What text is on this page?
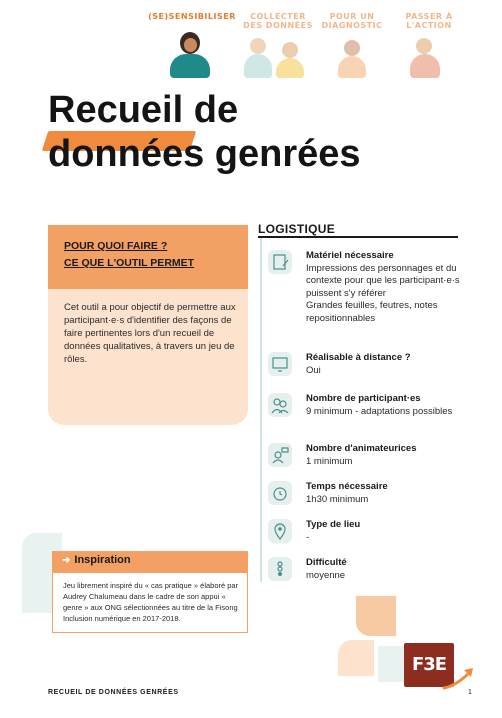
(SE)SENSIBILISER	COLLECTER DES DONNÉES
POUR UN DIAGNOSTIC
PASSER À L'ACTION
Recueil de
données genrées
POUR QUOI FAIRE ?
CE QUE L'OUTIL PERMET
Cet outil a pour objectif de permettre aux participant·e·s d'identifier des façons de faire pertinentes lors d'un recueil de données qualitatives, à travers un jeu de rôles.
➜ Inspiration
Jeu librement inspiré du « cas pratique » élaboré par Audrey Chalumeau dans le cadre de son appui « genre » aux ONG sélectionnées au titre de la Fisong Inclusion numérique en 2017-2018.
LOGISTIQUE
Matériel nécessaire
Impressions des personnages et du contexte pour que les participant·e·s puissent s'y référer
Grandes feuilles, feutres, notes repositionnables
Réalisable à distance ?
Oui
Nombre de participant·es
9 minimum - adaptations possibles
Nombre d'animateurices
1 minimum
Temps nécessaire
1h30 minimum
Type de lieu
-
Difficulté
moyenne
F3E
RECUEIL DE DONNÉES GENRÉES	1
